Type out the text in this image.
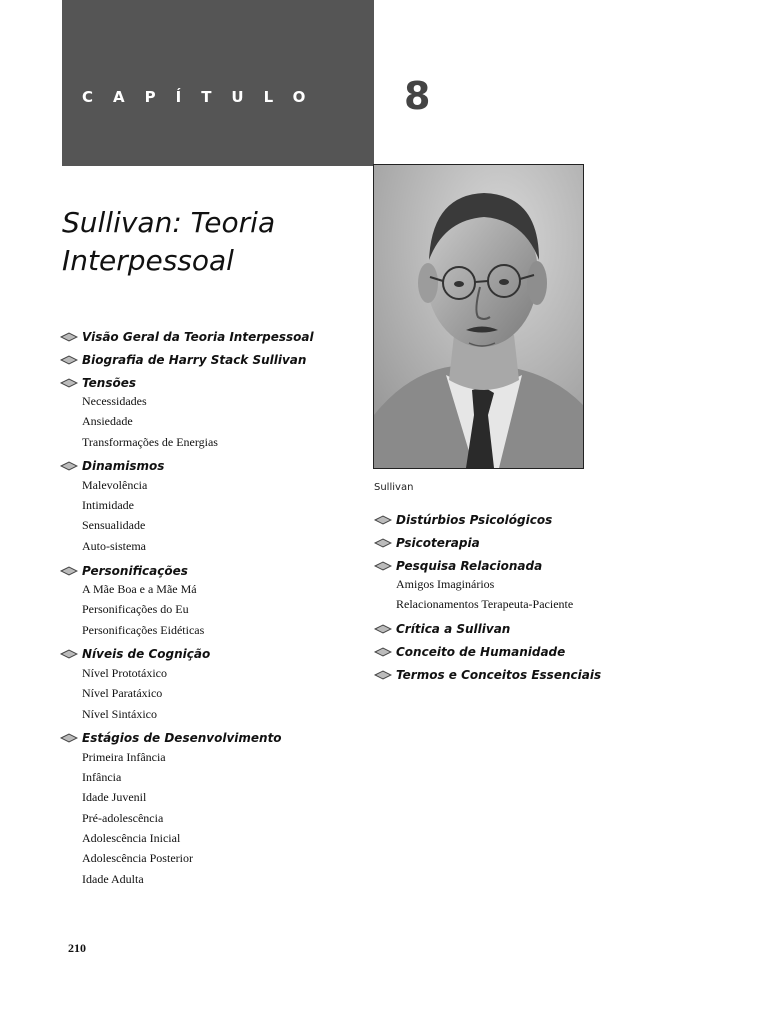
CAPÍTULO 8
Sullivan: Teoria
Interpessoal
Sullivan
Visão Geral da Teoria Interpessoal
Biografia de Harry Stack Sullivan
Tensões
Necessidades
Ansiedade
Transformações de Energias
Dinamismos
Malevolência
Intimidade
Sensualidade
Auto-sistema
Personificações
A Mãe Boa e a Mãe Má
Personificações do Eu
Personificações Eidéticas
Níveis de Cognição
Nível Prototáxico
Nível Paratáxico
Nível Sintáxico
Estágios de Desenvolvimento
Primeira Infância
Infância
Idade Juvenil
Pré-adolescência
Adolescência Inicial
Adolescência Posterior
Idade Adulta
Distúrbios Psicológicos
Psicoterapia
Pesquisa Relacionada
Amigos Imaginários
Relacionamentos Terapeuta-Paciente
Crítica a Sullivan
Conceito de Humanidade
Termos e Conceitos Essenciais
210
